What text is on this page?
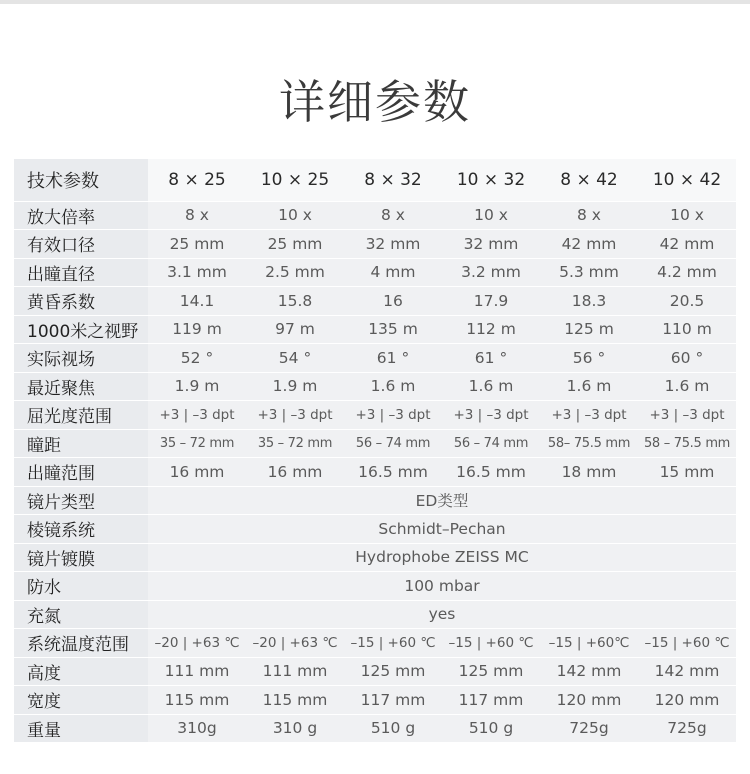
详细参数
技术参数	8 × 25	10 × 25	8 × 32	10 × 32	8 × 42	10 × 42
放大倍率	8 x	10 x	8 x	10 x	8 x	10 x
有效口径	25 mm	25 mm	32 mm	32 mm	42 mm	42 mm
出瞳直径	3.1 mm	2.5 mm	4 mm	3.2 mm	5.3 mm	4.2 mm
黄昏系数	14.1	15.8	16	17.9	18.3	20.5
1000米之视野	119 m	97 m	135 m	112 m	125 m	110 m
实际视场	52 °	54 °	61 °	61 °	56 °	60 °
最近聚焦	1.9 m	1.9 m	1.6 m	1.6 m	1.6 m	1.6 m
屈光度范围	+3 | –3 dpt	+3 | –3 dpt	+3 | –3 dpt	+3 | –3 dpt	+3 | –3 dpt	+3 | –3 dpt
瞳距	35 – 72 mm	35 – 72 mm	56 – 74 mm	56 – 74 mm	58– 75.5 mm	58 – 75.5 mm
出瞳范围	16 mm	16 mm	16.5 mm	16.5 mm	18 mm	15 mm
镜片类型	ED类型					
棱镜系统	Schmidt–Pechan					
镜片镀膜	Hydrophobe ZEISS MC					
防水	100 mbar					
充氮	yes					
系统温度范围	–20 | +63 ℃	–20 | +63 ℃	–15 | +60 ℃	–15 | +60 ℃	–15 | +60℃	–15 | +60 ℃
高度	111 mm	111 mm	125 mm	125 mm	142 mm	142 mm
宽度	115 mm	115 mm	117 mm	117 mm	120 mm	120 mm
重量	310g	310 g	510 g	510 g	725g	725g
